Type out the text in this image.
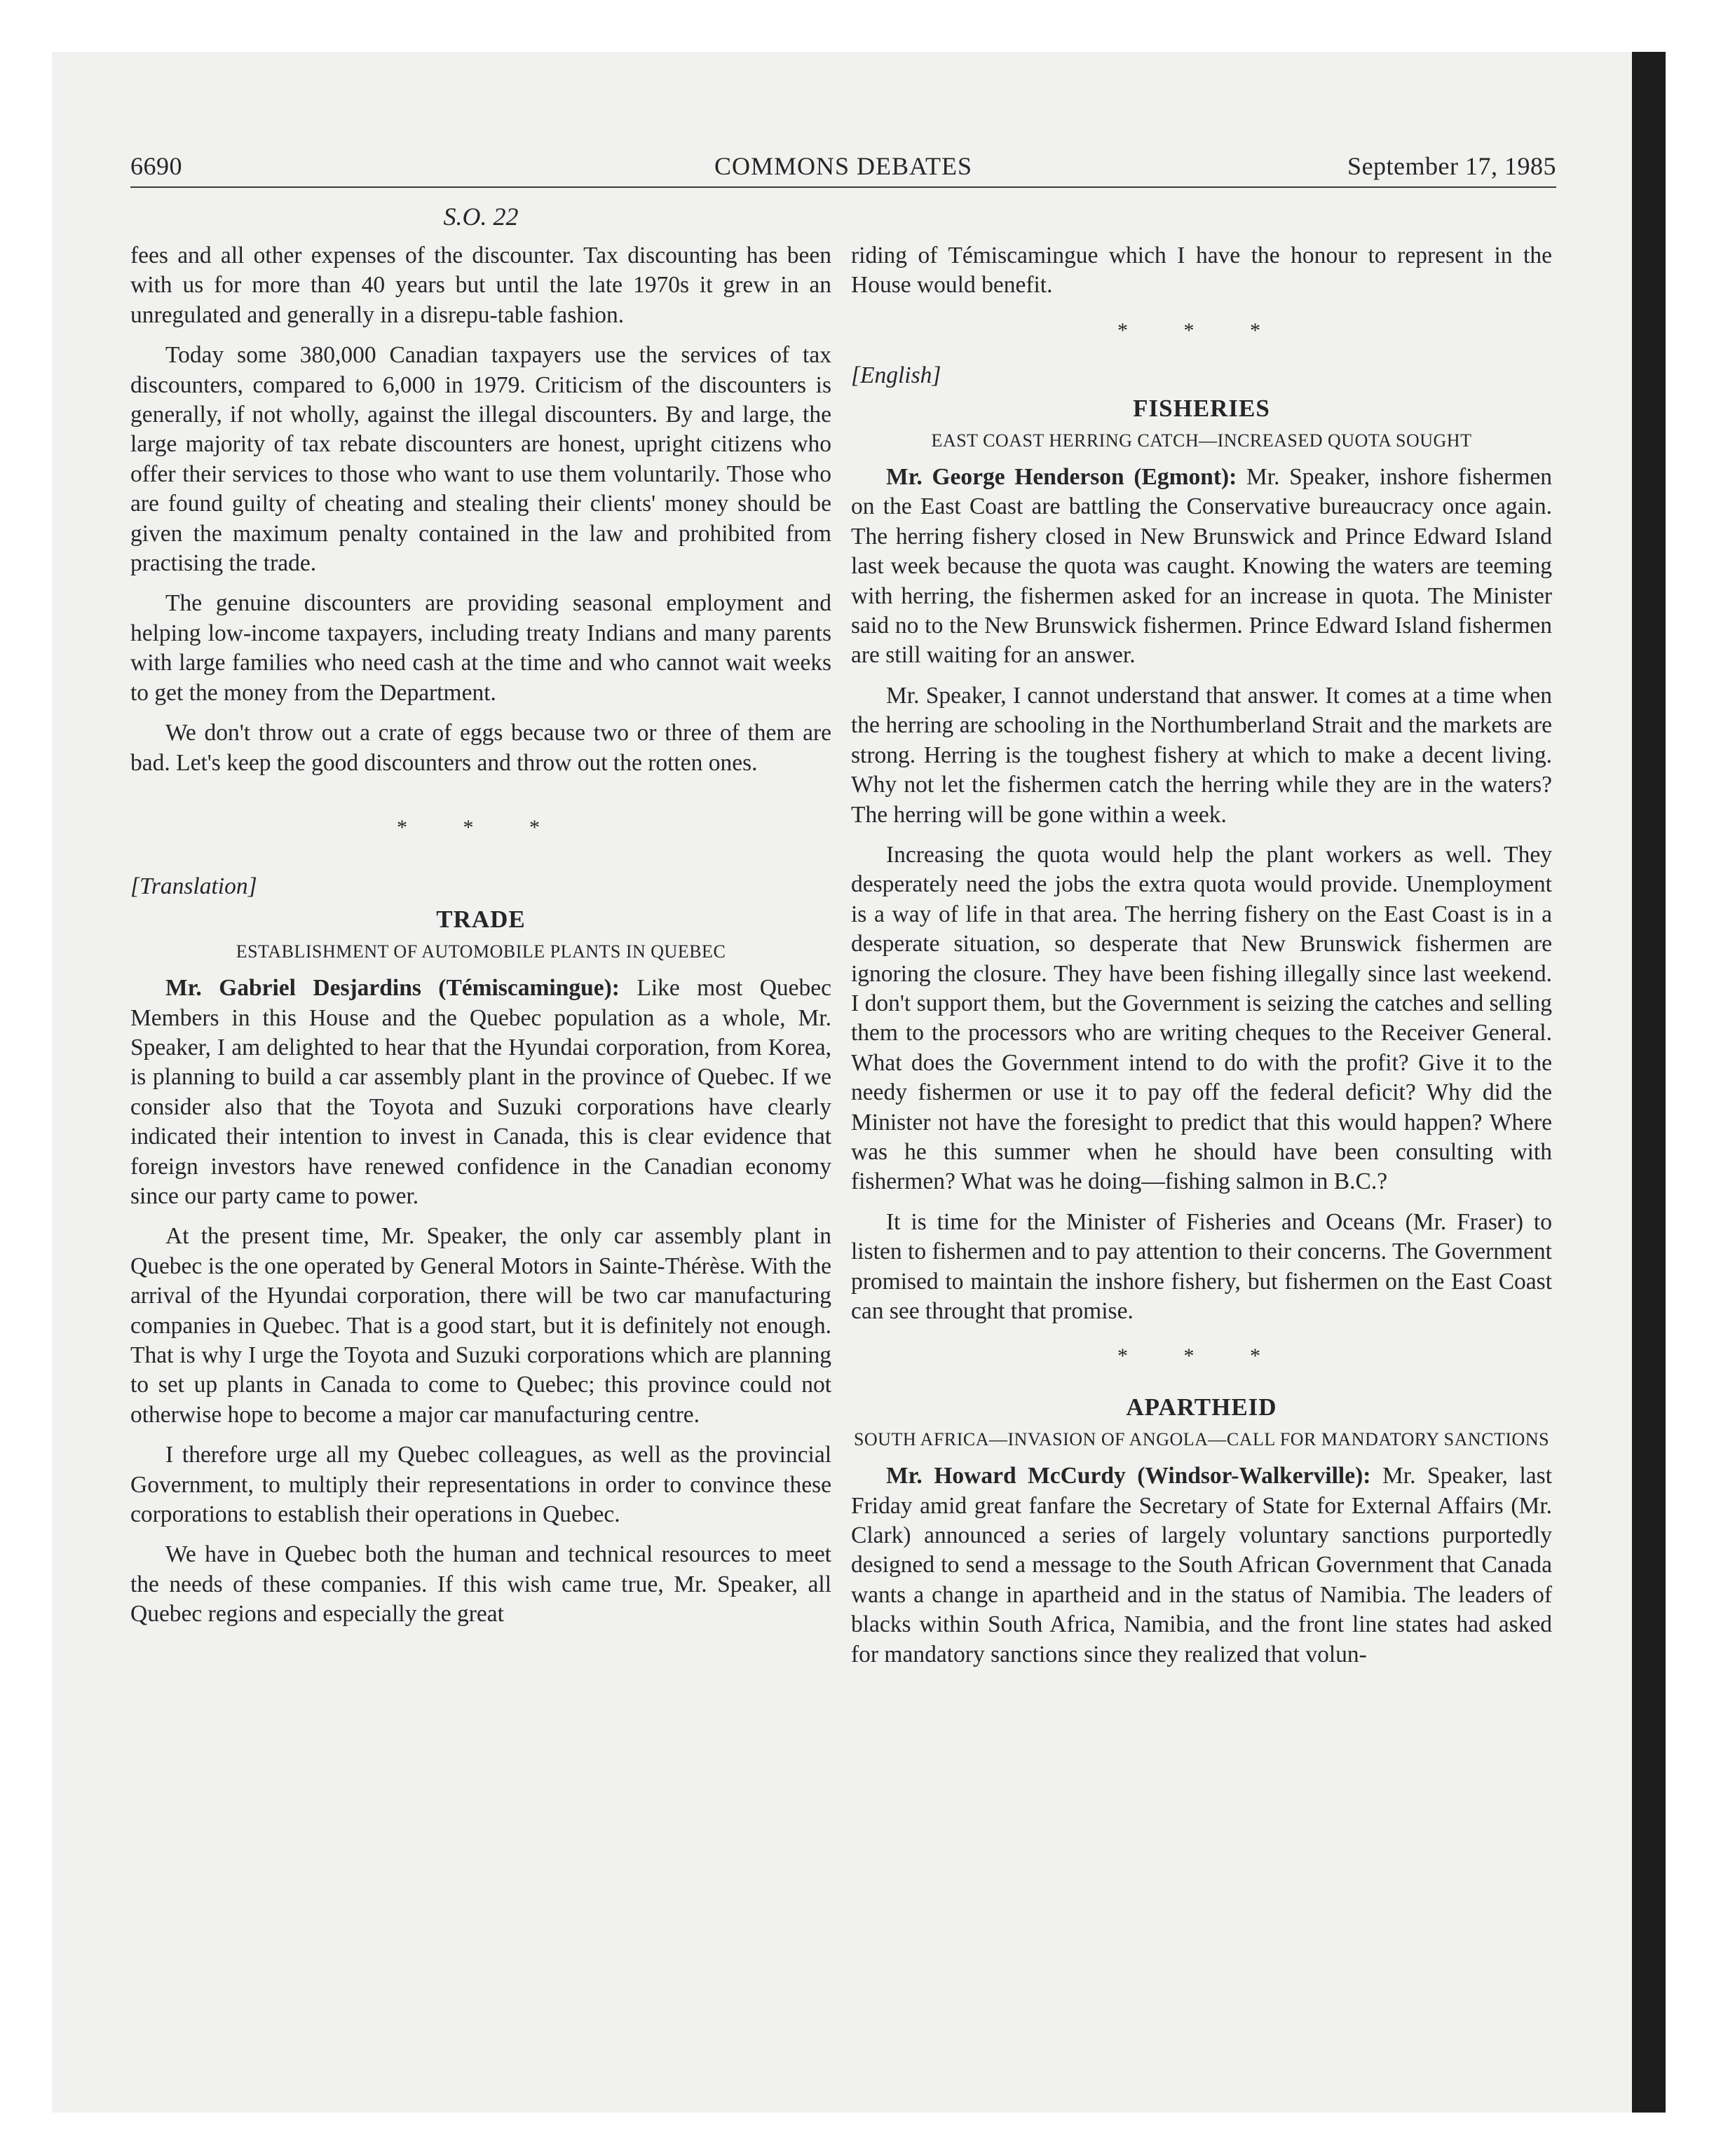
6690	COMMONS DEBATES	September 17, 1985
S.O. 22

fees and all other expenses of the discounter. Tax discounting has been with us for more than 40 years but until the late 1970s it grew in an unregulated and generally in a disrepu-table fashion.

Today some 380,000 Canadian taxpayers use the services of tax discounters, compared to 6,000 in 1979. Criticism of the discounters is generally, if not wholly, against the illegal discounters. By and large, the large majority of tax rebate discounters are honest, upright citizens who offer their services to those who want to use them voluntarily. Those who are found guilty of cheating and stealing their clients' money should be given the maximum penalty contained in the law and prohibited from practising the trade.

The genuine discounters are providing seasonal employment and helping low-income taxpayers, including treaty Indians and many parents with large families who need cash at the time and who cannot wait weeks to get the money from the Department.

We don't throw out a crate of eggs because two or three of them are bad. Let's keep the good discounters and throw out the rotten ones.

* * *
[Translation]
TRADE
ESTABLISHMENT OF AUTOMOBILE PLANTS IN QUEBEC

Mr. Gabriel Desjardins (Témiscamingue): Like most Quebec Members in this House and the Quebec population as a whole, Mr. Speaker, I am delighted to hear that the Hyundai corporation, from Korea, is planning to build a car assembly plant in the province of Quebec. If we consider also that the Toyota and Suzuki corporations have clearly indicated their intention to invest in Canada, this is clear evidence that foreign investors have renewed confidence in the Canadian economy since our party came to power.

At the present time, Mr. Speaker, the only car assembly plant in Quebec is the one operated by General Motors in Sainte-Thérèse. With the arrival of the Hyundai corporation, there will be two car manufacturing companies in Quebec. That is a good start, but it is definitely not enough. That is why I urge the Toyota and Suzuki corporations which are planning to set up plants in Canada to come to Quebec; this province could not otherwise hope to become a major car manufacturing centre.

I therefore urge all my Quebec colleagues, as well as the provincial Government, to multiply their representations in order to convince these corporations to establish their operations in Quebec.

We have in Quebec both the human and technical resources to meet the needs of these companies. If this wish came true, Mr. Speaker, all Quebec regions and especially the great

riding of Témiscamingue which I have the honour to represent in the House would benefit.

* * *
[English]
FISHERIES
EAST COAST HERRING CATCH—INCREASED QUOTA SOUGHT

Mr. George Henderson (Egmont): Mr. Speaker, inshore fishermen on the East Coast are battling the Conservative bureaucracy once again. The herring fishery closed in New Brunswick and Prince Edward Island last week because the quota was caught. Knowing the waters are teeming with herring, the fishermen asked for an increase in quota. The Minister said no to the New Brunswick fishermen. Prince Edward Island fishermen are still waiting for an answer.

Mr. Speaker, I cannot understand that answer. It comes at a time when the herring are schooling in the Northumberland Strait and the markets are strong. Herring is the toughest fishery at which to make a decent living. Why not let the fishermen catch the herring while they are in the waters? The herring will be gone within a week.

Increasing the quota would help the plant workers as well. They desperately need the jobs the extra quota would provide. Unemployment is a way of life in that area. The herring fishery on the East Coast is in a desperate situation, so desperate that New Brunswick fishermen are ignoring the closure. They have been fishing illegally since last weekend. I don't support them, but the Government is seizing the catches and selling them to the processors who are writing cheques to the Receiver General. What does the Government intend to do with the profit? Give it to the needy fishermen or use it to pay off the federal deficit? Why did the Minister not have the foresight to predict that this would happen? Where was he this summer when he should have been consulting with fishermen? What was he doing—fishing salmon in B.C.?

It is time for the Minister of Fisheries and Oceans (Mr. Fraser) to listen to fishermen and to pay attention to their concerns. The Government promised to maintain the inshore fishery, but fishermen on the East Coast can see throught that promise.

* * *
APARTHEID
SOUTH AFRICA—INVASION OF ANGOLA—CALL FOR MANDATORY SANCTIONS

Mr. Howard McCurdy (Windsor-Walkerville): Mr. Speaker, last Friday amid great fanfare the Secretary of State for External Affairs (Mr. Clark) announced a series of largely voluntary sanctions purportedly designed to send a message to the South African Government that Canada wants a change in apartheid and in the status of Namibia. The leaders of blacks within South Africa, Namibia, and the front line states had asked for mandatory sanctions since they realized that volun-
